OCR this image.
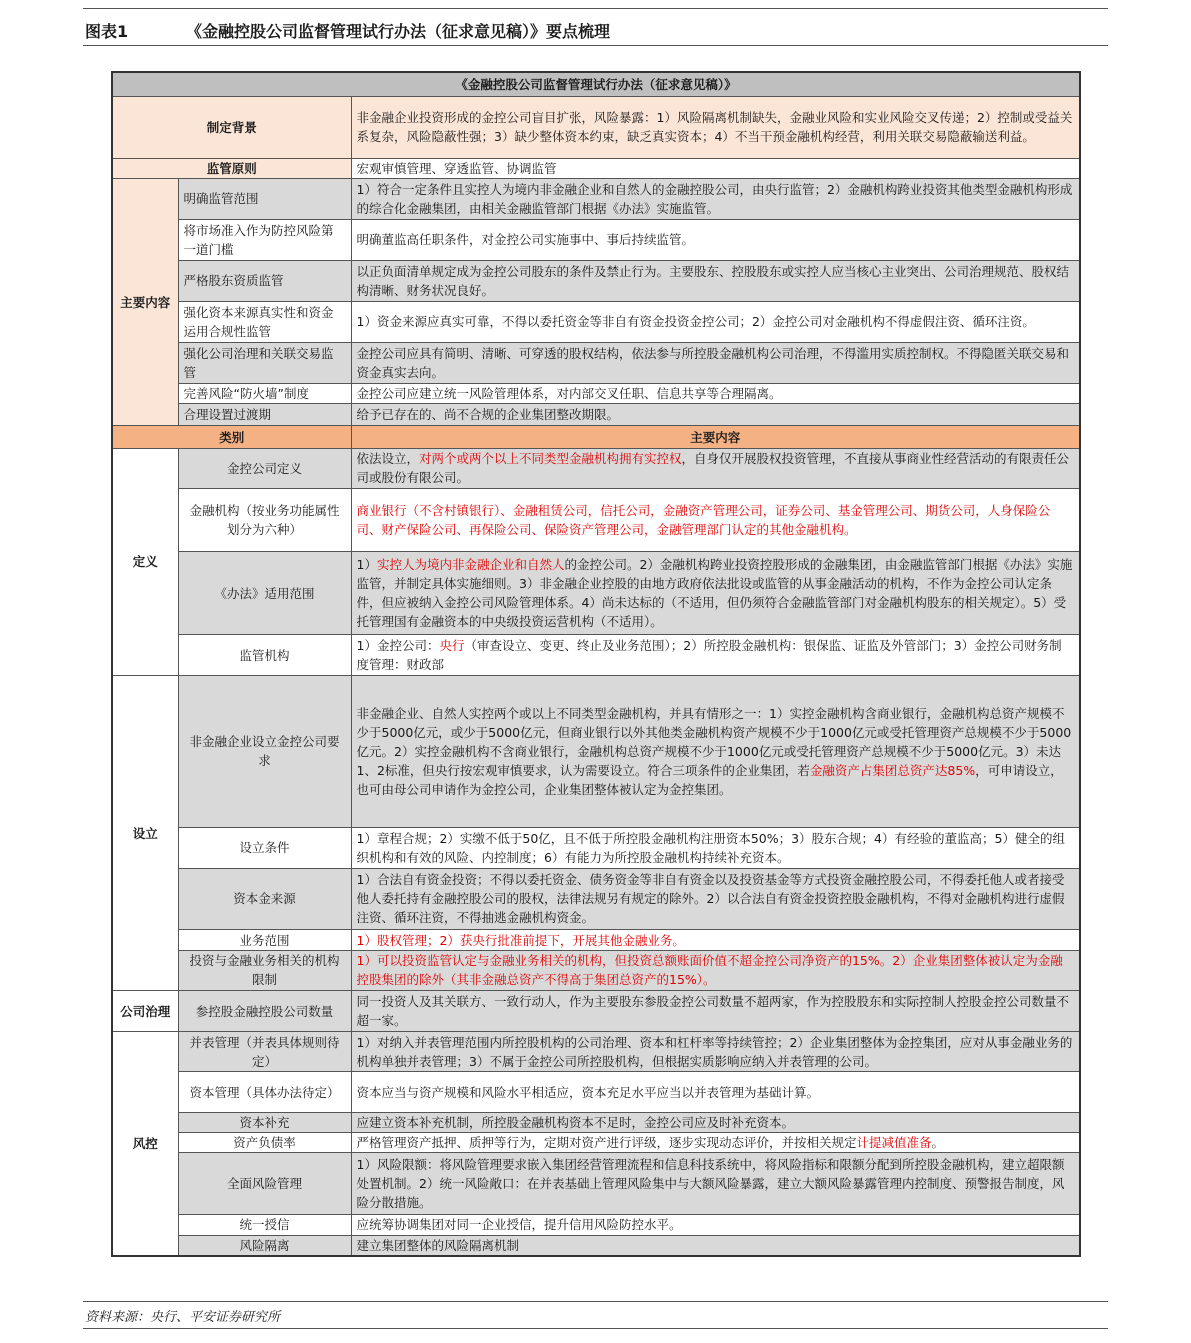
图表1	《金融控股公司监督管理试行办法（征求意见稿）》要点梳理
《金融控股公司监督管理试行办法（征求意见稿）》		
制定背景		非金融企业投资形成的金控公司盲目扩张，风险暴露：1）风险隔离机制缺失，金融业风险和实业风险交叉传递；2）控制或受益关系复杂，风险隐蔽性强；3）缺少整体资本约束，缺乏真实资本；4）不当干预金融机构经营，利用关联交易隐蔽输送利益。
监管原则		宏观审慎管理、穿透监管、协调监管
主要内容	明确监管范围	1）符合一定条件且实控人为境内非金融企业和自然人的金融控股公司，由央行监管；2）金融机构跨业投资其他类型金融机构形成的综合化金融集团，由相关金融监管部门根据《办法》实施监管。
	将市场准入作为防控风险第一道门槛	明确董监高任职条件，对金控公司实施事中、事后持续监管。
	严格股东资质监管	以正负面清单规定成为金控公司股东的条件及禁止行为。主要股东、控股股东或实控人应当核心主业突出、公司治理规范、股权结构清晰、财务状况良好。
	强化资本来源真实性和资金运用合规性监管	1）资金来源应真实可靠，不得以委托资金等非自有资金投资金控公司；2）金控公司对金融机构不得虚假注资、循环注资。
	强化公司治理和关联交易监管	金控公司应具有简明、清晰、可穿透的股权结构，依法参与所控股金融机构公司治理，不得滥用实质控制权。不得隐匿关联交易和资金真实去向。
	完善风险“防火墙”制度	金控公司应建立统一风险管理体系，对内部交叉任职、信息共享等合理隔离。
	合理设置过渡期	给予已存在的、尚不合规的企业集团整改期限。
类别		主要内容
定义	金控公司定义	依法设立，对两个或两个以上不同类型金融机构拥有实控权，自身仅开展股权投资管理，不直接从事商业性经营活动的有限责任公司或股份有限公司。
	金融机构（按业务功能属性划分为六种）	商业银行（不含村镇银行）、金融租赁公司，信托公司，金融资产管理公司，证券公司、基金管理公司、期货公司，人身保险公司、财产保险公司、再保险公司、保险资产管理公司，金融管理部门认定的其他金融机构。
	《办法》适用范围	1）实控人为境内非金融企业和自然人的金控公司。2）金融机构跨业投资控股形成的金融集团，由金融监管部门根据《办法》实施监管，并制定具体实施细则。3）非金融企业控股的由地方政府依法批设或监管的从事金融活动的机构，不作为金控公司认定条件，但应被纳入金控公司风险管理体系。4）尚未达标的（不适用，但仍须符合金融监管部门对金融机构股东的相关规定）。5）受托管理国有金融资本的中央级投资运营机构（不适用）。
	监管机构	1）金控公司：央行（审查设立、变更、终止及业务范围）；2）所控股金融机构：银保监、证监及外管部门；3）金控公司财务制度管理：财政部
设立	非金融企业设立金控公司要求	非金融企业、自然人实控两个或以上不同类型金融机构，并具有情形之一：1）实控金融机构含商业银行，金融机构总资产规模不少于5000亿元，或少于5000亿元，但商业银行以外其他类金融机构资产规模不少于1000亿元或受托管理资产总规模不少于5000亿元。2）实控金融机构不含商业银行，金融机构总资产规模不少于1000亿元或受托管理资产总规模不少于5000亿元。3）未达1、2标准，但央行按宏观审慎要求，认为需要设立。符合三项条件的企业集团，若金融资产占集团总资产达85%，可申请设立，也可由母公司申请作为金控公司，企业集团整体被认定为金控集团。
	设立条件	1）章程合规；2）实缴不低于50亿，且不低于所控股金融机构注册资本50%；3）股东合规；4）有经验的董监高；5）健全的组织机构和有效的风险、内控制度；6）有能力为所控股金融机构持续补充资本。
	资本金来源	1）合法自有资金投资；不得以委托资金、债务资金等非自有资金以及投资基金等方式投资金融控股公司，不得委托他人或者接受他人委托持有金融控股公司的股权，法律法规另有规定的除外。2）以合法自有资金投资控股金融机构，不得对金融机构进行虚假注资、循环注资，不得抽逃金融机构资金。
	业务范围	1）股权管理；2）获央行批准前提下，开展其他金融业务。
	投资与金融业务相关的机构限制	1）可以投资监管认定与金融业务相关的机构，但投资总额账面价值不超金控公司净资产的15%。2）企业集团整体被认定为金融控股集团的除外（其非金融总资产不得高于集团总资产的15%）。
公司治理	参控股金融控股公司数量	同一投资人及其关联方、一致行动人，作为主要股东参股金控公司数量不超两家，作为控股股东和实际控制人控股金控公司数量不超一家。
风控	并表管理（并表具体规则待定）	1）对纳入并表管理范围内所控股机构的公司治理、资本和杠杆率等持续管控；2）企业集团整体为金控集团，应对从事金融业务的机构单独并表管理；3）不属于金控公司所控股机构，但根据实质影响应纳入并表管理的公司。
	资本管理（具体办法待定）	资本应当与资产规模和风险水平相适应，资本充足水平应当以并表管理为基础计算。
	资本补充	应建立资本补充机制，所控股金融机构资本不足时，金控公司应及时补充资本。
	资产负债率	严格管理资产抵押、质押等行为，定期对资产进行评级，逐步实现动态评价，并按相关规定计提减值准备。
	全面风险管理	1）风险限额：将风险管理要求嵌入集团经营管理流程和信息科技系统中，将风险指标和限额分配到所控股金融机构，建立超限额处置机制。2）统一风险敞口：在并表基础上管理风险集中与大额风险暴露，建立大额风险暴露管理内控制度、预警报告制度，风险分散措施。
	统一授信	应统筹协调集团对同一企业授信，提升信用风险防控水平。
	风险隔离	建立集团整体的风险隔离机制
资料来源：央行、平安证券研究所
